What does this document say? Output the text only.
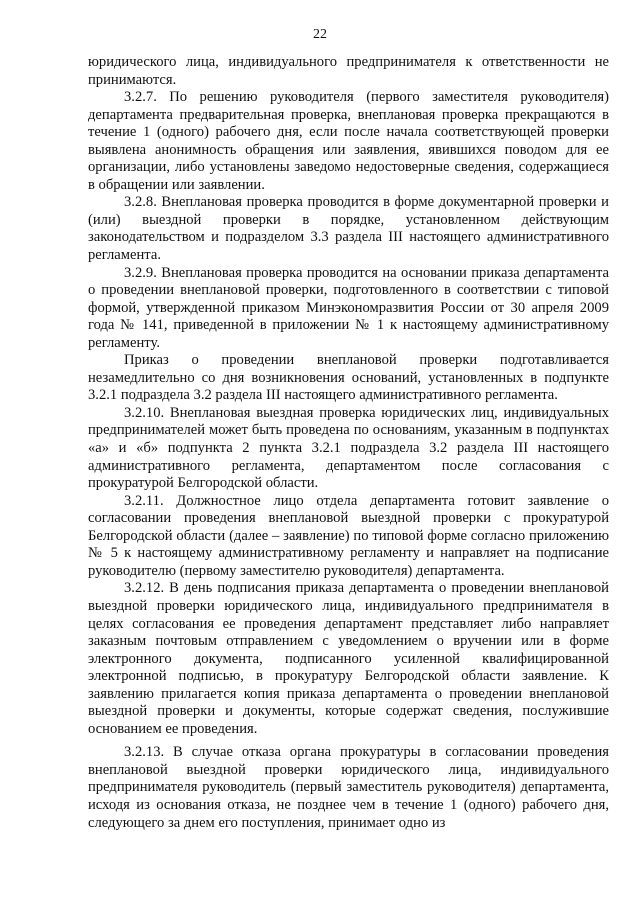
22

юридического лица, индивидуального предпринимателя к ответственности не принимаются.

3.2.7. По решению руководителя (первого заместителя руководителя) департамента предварительная проверка, внеплановая проверка прекращаются в течение 1 (одного) рабочего дня, если после начала соответствующей проверки выявлена анонимность обращения или заявления, явившихся поводом для ее организации, либо установлены заведомо недостоверные сведения, содержащиеся в обращении или заявлении.

3.2.8. Внеплановая проверка проводится в форме документарной проверки и (или) выездной проверки в порядке, установленном действующим законодательством и подразделом 3.3 раздела III настоящего административного регламента.

3.2.9. Внеплановая проверка проводится на основании приказа департамента о проведении внеплановой проверки, подготовленного в соответствии с типовой формой, утвержденной приказом Минэкономразвития России от 30 апреля 2009 года № 141, приведенной в приложении № 1 к настоящему административному регламенту.

Приказ о проведении внеплановой проверки подготавливается незамедлительно со дня возникновения оснований, установленных в подпункте 3.2.1 подраздела 3.2 раздела III настоящего административного регламента.

3.2.10. Внеплановая выездная проверка юридических лиц, индивидуальных предпринимателей может быть проведена по основаниям, указанным в подпунктах «а» и «б» подпункта 2 пункта 3.2.1 подраздела 3.2 раздела III настоящего административного регламента, департаментом после согласования с прокуратурой Белгородской области.

3.2.11. Должностное лицо отдела департамента готовит заявление о согласовании проведения внеплановой выездной проверки с прокуратурой Белгородской области (далее – заявление) по типовой форме согласно приложению № 5 к настоящему административному регламенту и направляет на подписание руководителю (первому заместителю руководителя) департамента.

3.2.12. В день подписания приказа департамента о проведении внеплановой выездной проверки юридического лица, индивидуального предпринимателя в целях согласования ее проведения департамент представляет либо направляет заказным почтовым отправлением с уведомлением о вручении или в форме электронного документа, подписанного усиленной квалифицированной электронной подписью, в прокуратуру Белгородской области заявление. К заявлению прилагается копия приказа департамента о проведении внеплановой выездной проверки и документы, которые содержат сведения, послужившие основанием ее проведения.

3.2.13. В случае отказа органа прокуратуры в согласовании проведения внеплановой выездной проверки юридического лица, индивидуального предпринимателя руководитель (первый заместитель руководителя) департамента, исходя из основания отказа, не позднее чем в течение 1 (одного) рабочего дня, следующего за днем его поступления, принимает одно из
